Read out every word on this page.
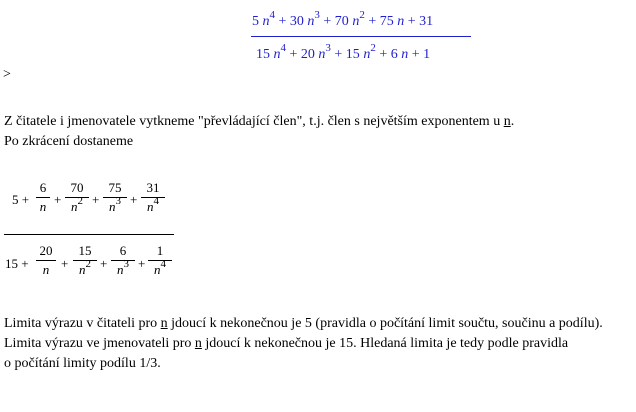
5 $n^4 + 30$ $n^3 + 70$ $n^2 + 75$ n + 31
15 $n^4 + 20$ $n^3 + 15$ $n^2 + 6$ n + 1
>
Z čitatele i jmenovatele vytkneme "převládající člen", t.j. člen s největším exponentem u n.
Po zkrácení dostaneme
5 +
6
n +
70
$n^2$ +
75
$n^3$ +
31
$n^4$
15 +
20
n +
15
$n^2$ +
6
$n^3$ +
1
$n^4$
Limita výrazu v čitateli pro n jdoucí k nekonečnou je 5 (pravidla o počítání limit součtu, součinu a podílu).
Limita výrazu ve jmenovateli pro n jdoucí k nekonečnou je 15. Hledaná limita je tedy podle pravidla
o počítání limity podílu 1/3.
